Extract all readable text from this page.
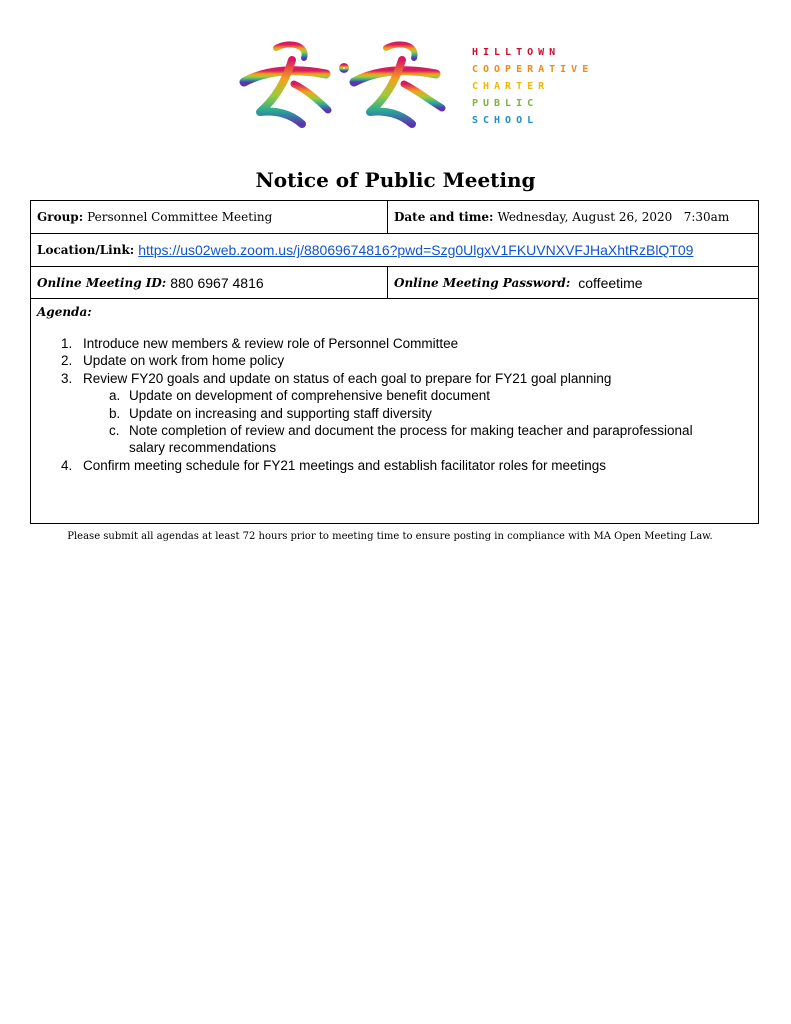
HILLTOWN
COOPERATIVE
CHARTER
PUBLIC
SCHOOL
Notice of Public Meeting
Group: Personnel Committee Meeting	Date and time: Wednesday, August 26, 2020   7:30am
Location/Link: https://us02web.zoom.us/j/88069674816?pwd=Szg0UlgxV1FKUVNXVFJHaXhtRzBlQT09
Online Meeting ID: 880 6967 4816	Online Meeting Password: coffeetime
Agenda:
1. Introduce new members & review role of Personnel Committee
2. Update on work from home policy
3. Review FY20 goals and update on status of each goal to prepare for FY21 goal planning
a. Update on development of comprehensive benefit document
b. Update on increasing and supporting staff diversity
c. Note completion of review and document the process for making teacher and paraprofessional salary recommendations
4. Confirm meeting schedule for FY21 meetings and establish facilitator roles for meetings
Please submit all agendas at least 72 hours prior to meeting time to ensure posting in compliance with MA Open Meeting Law.
